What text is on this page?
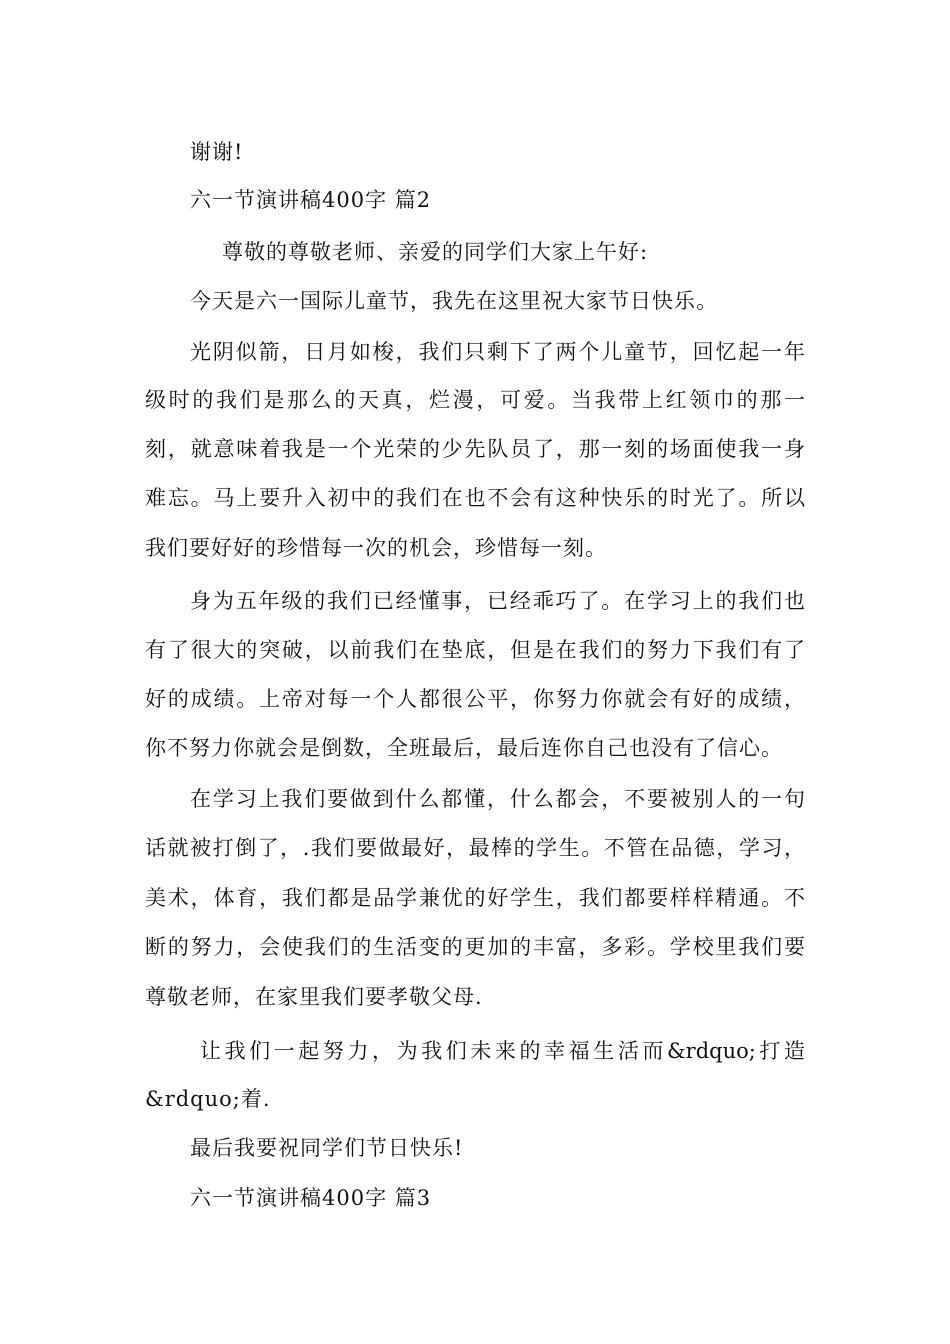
谢谢!
六一节演讲稿400字 篇2
尊敬的尊敬老师、亲爱的同学们大家上午好:
今天是六一国际儿童节，我先在这里祝大家节日快乐。
光阴似箭，日月如梭，我们只剩下了两个儿童节，回忆起一年
级时的我们是那么的天真，烂漫，可爱。当我带上红领巾的那一
刻，就意味着我是一个光荣的少先队员了，那一刻的场面使我一身
难忘。马上要升入初中的我们在也不会有这种快乐的时光了。所以
我们要好好的珍惜每一次的机会，珍惜每一刻。
身为五年级的我们已经懂事，已经乖巧了。在学习上的我们也
有了很大的突破，以前我们在垫底，但是在我们的努力下我们有了
好的成绩。上帝对每一个人都很公平，你努力你就会有好的成绩，
你不努力你就会是倒数，全班最后，最后连你自己也没有了信心。
在学习上我们要做到什么都懂，什么都会，不要被别人的一句
话就被打倒了，.我们要做最好，最棒的学生。不管在品德，学习，
美术，体育，我们都是品学兼优的好学生，我们都要样样精通。不
断的努力，会使我们的生活变的更加的丰富，多彩。学校里我们要
尊敬老师，在家里我们要孝敬父母.
让我们一起努力，为我们未来的幸福生活而&rdquo;打造
&rdquo;着.
最后我要祝同学们节日快乐!
六一节演讲稿400字 篇3
